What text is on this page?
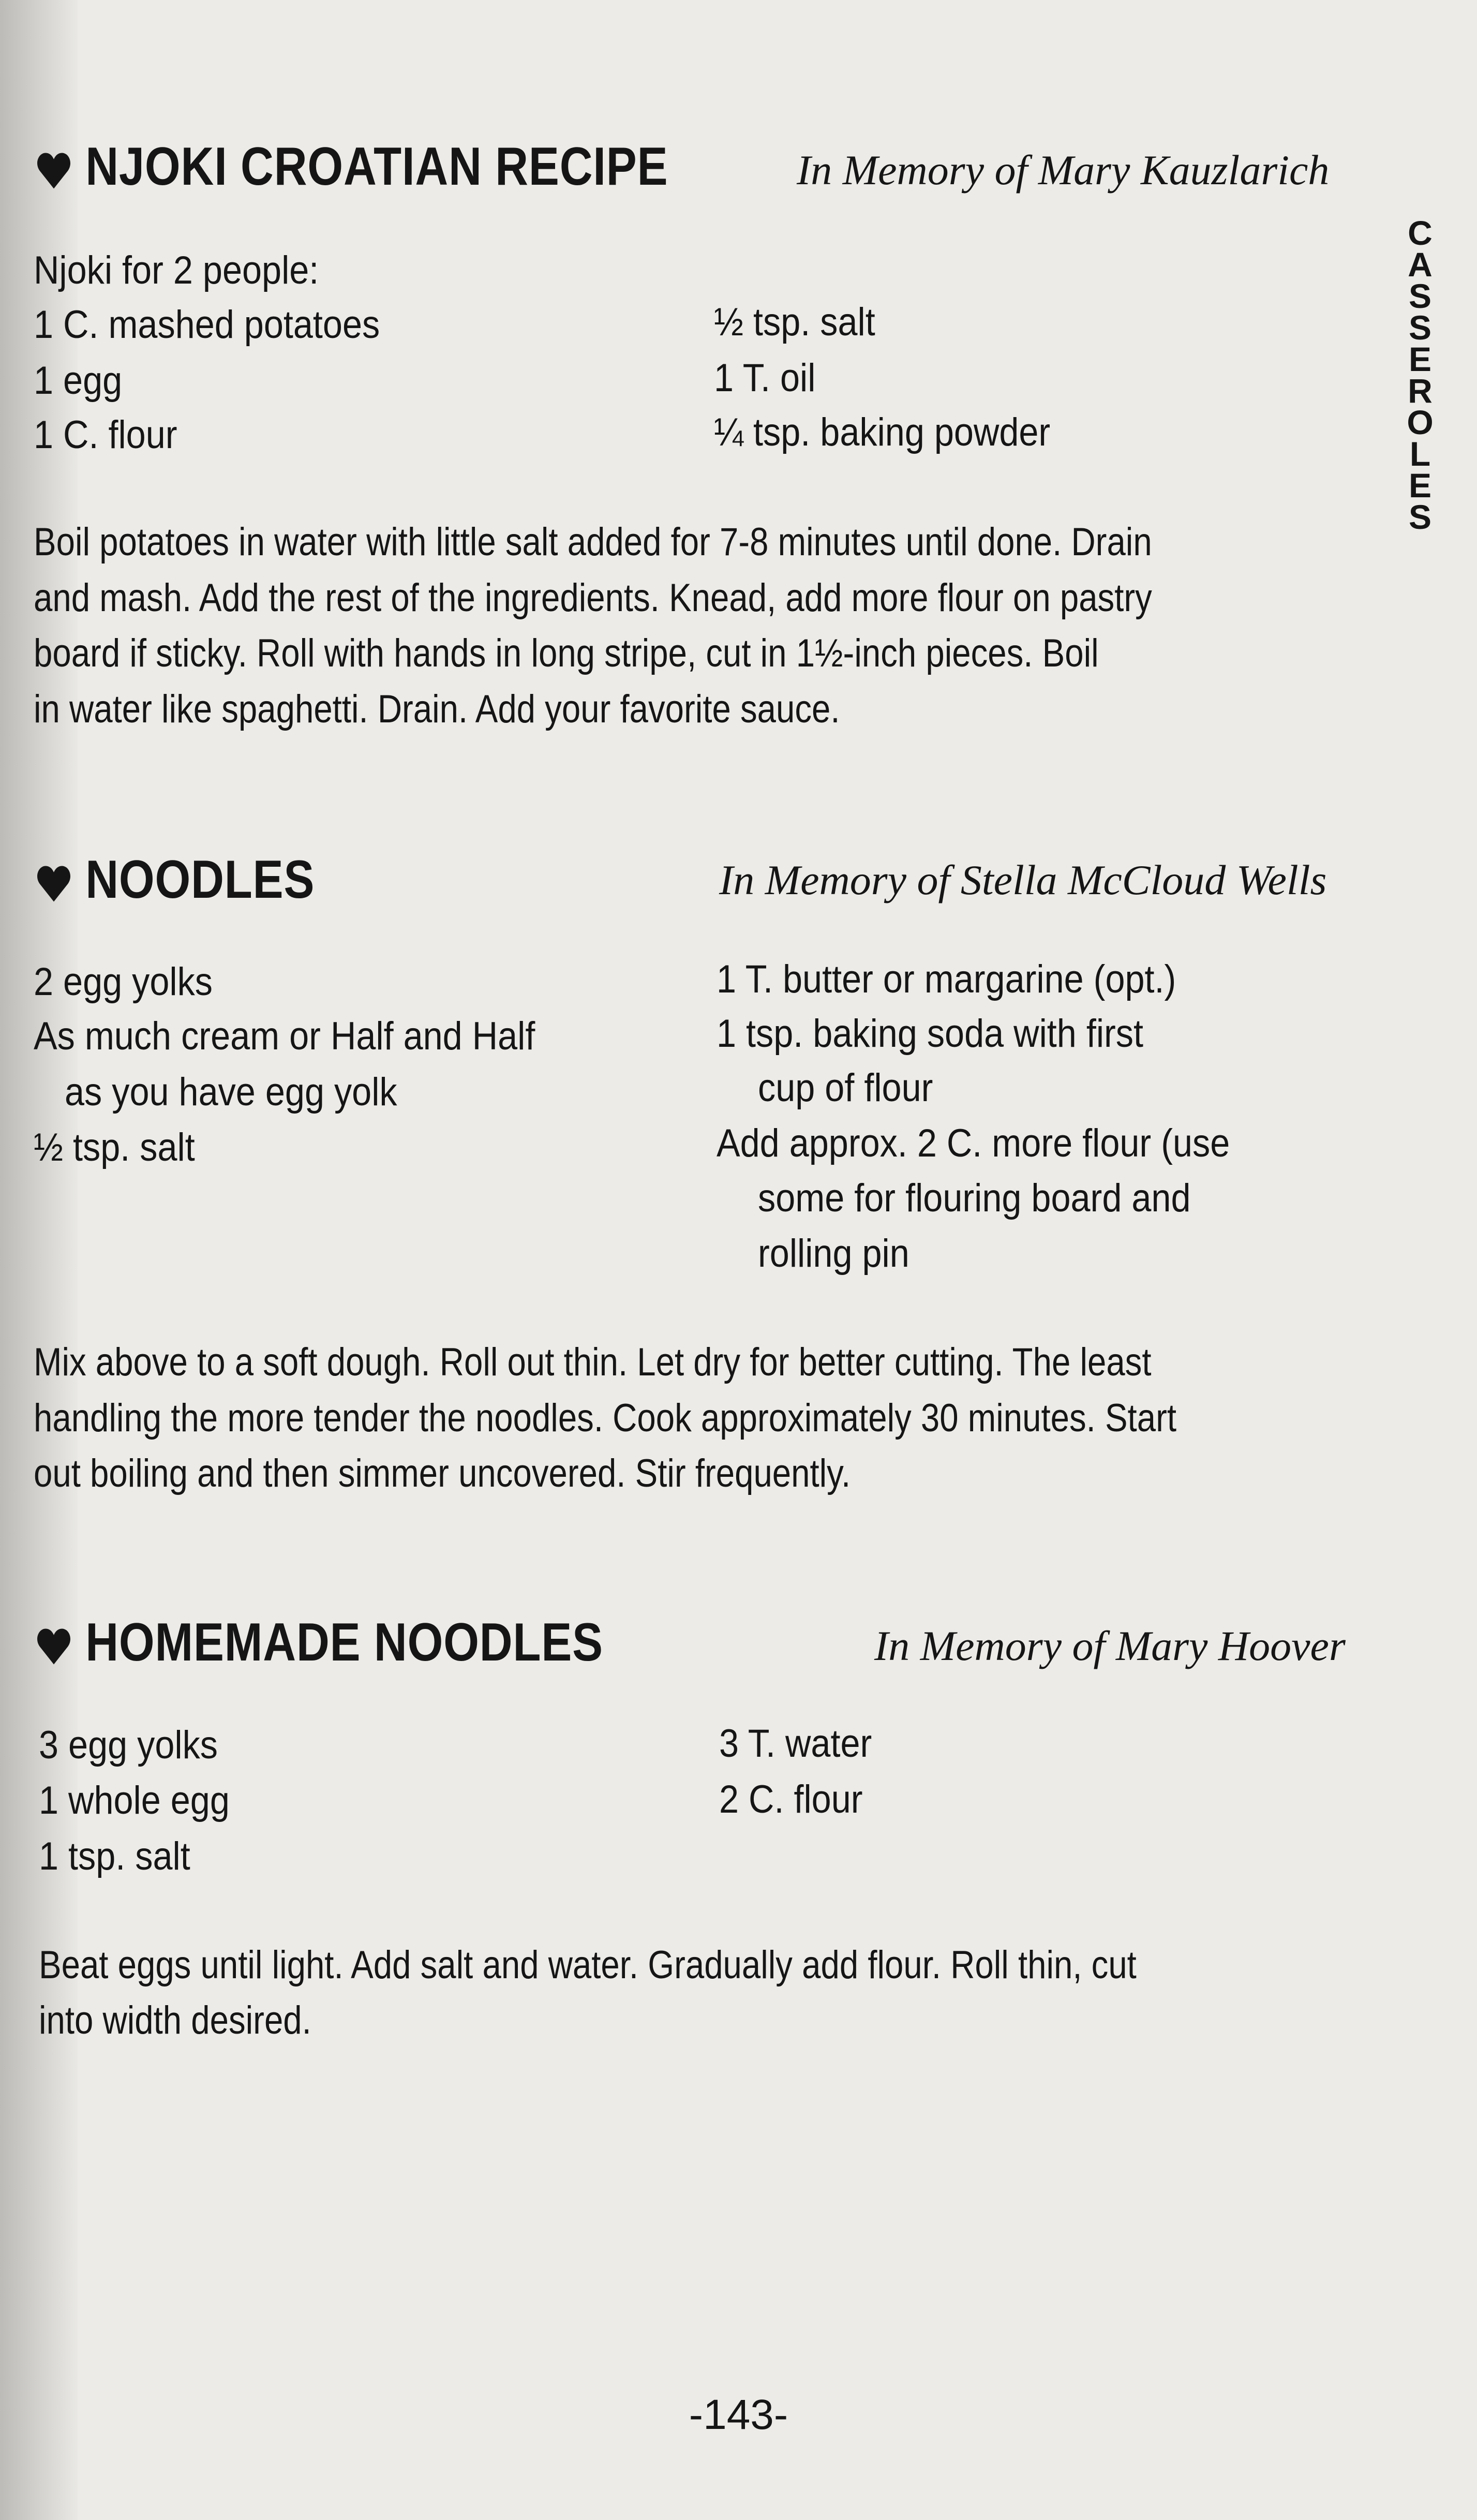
NJOKI CROATIAN RECIPE	In Memory of Mary Kauzlarich
Njoki for 2 people:
1 C. mashed potatoes
1 egg
1 C. flour
½ tsp. salt
1 T. oil
¼ tsp. baking powder
Boil potatoes in water with little salt added for 7-8 minutes until done. Drain
and mash. Add the rest of the ingredients. Knead, add more flour on pastry
board if sticky. Roll with hands in long stripe, cut in 1½-inch pieces. Boil
in water like spaghetti. Drain. Add your favorite sauce.
NOODLES	In Memory of Stella McCloud Wells
2 egg yolks
As much cream or Half and Half
as you have egg yolk
½ tsp. salt
1 T. butter or margarine (opt.)
1 tsp. baking soda with first
cup of flour
Add approx. 2 C. more flour (use
some for flouring board and
rolling pin
Mix above to a soft dough. Roll out thin. Let dry for better cutting. The least
handling the more tender the noodles. Cook approximately 30 minutes. Start
out boiling and then simmer uncovered. Stir frequently.
HOMEMADE NOODLES	In Memory of Mary Hoover
3 egg yolks
1 whole egg
1 tsp. salt
3 T. water
2 C. flour
Beat eggs until light. Add salt and water. Gradually add flour. Roll thin, cut
into width desired.
C
A
S
S
E
R
O
L
E
S
-143-
